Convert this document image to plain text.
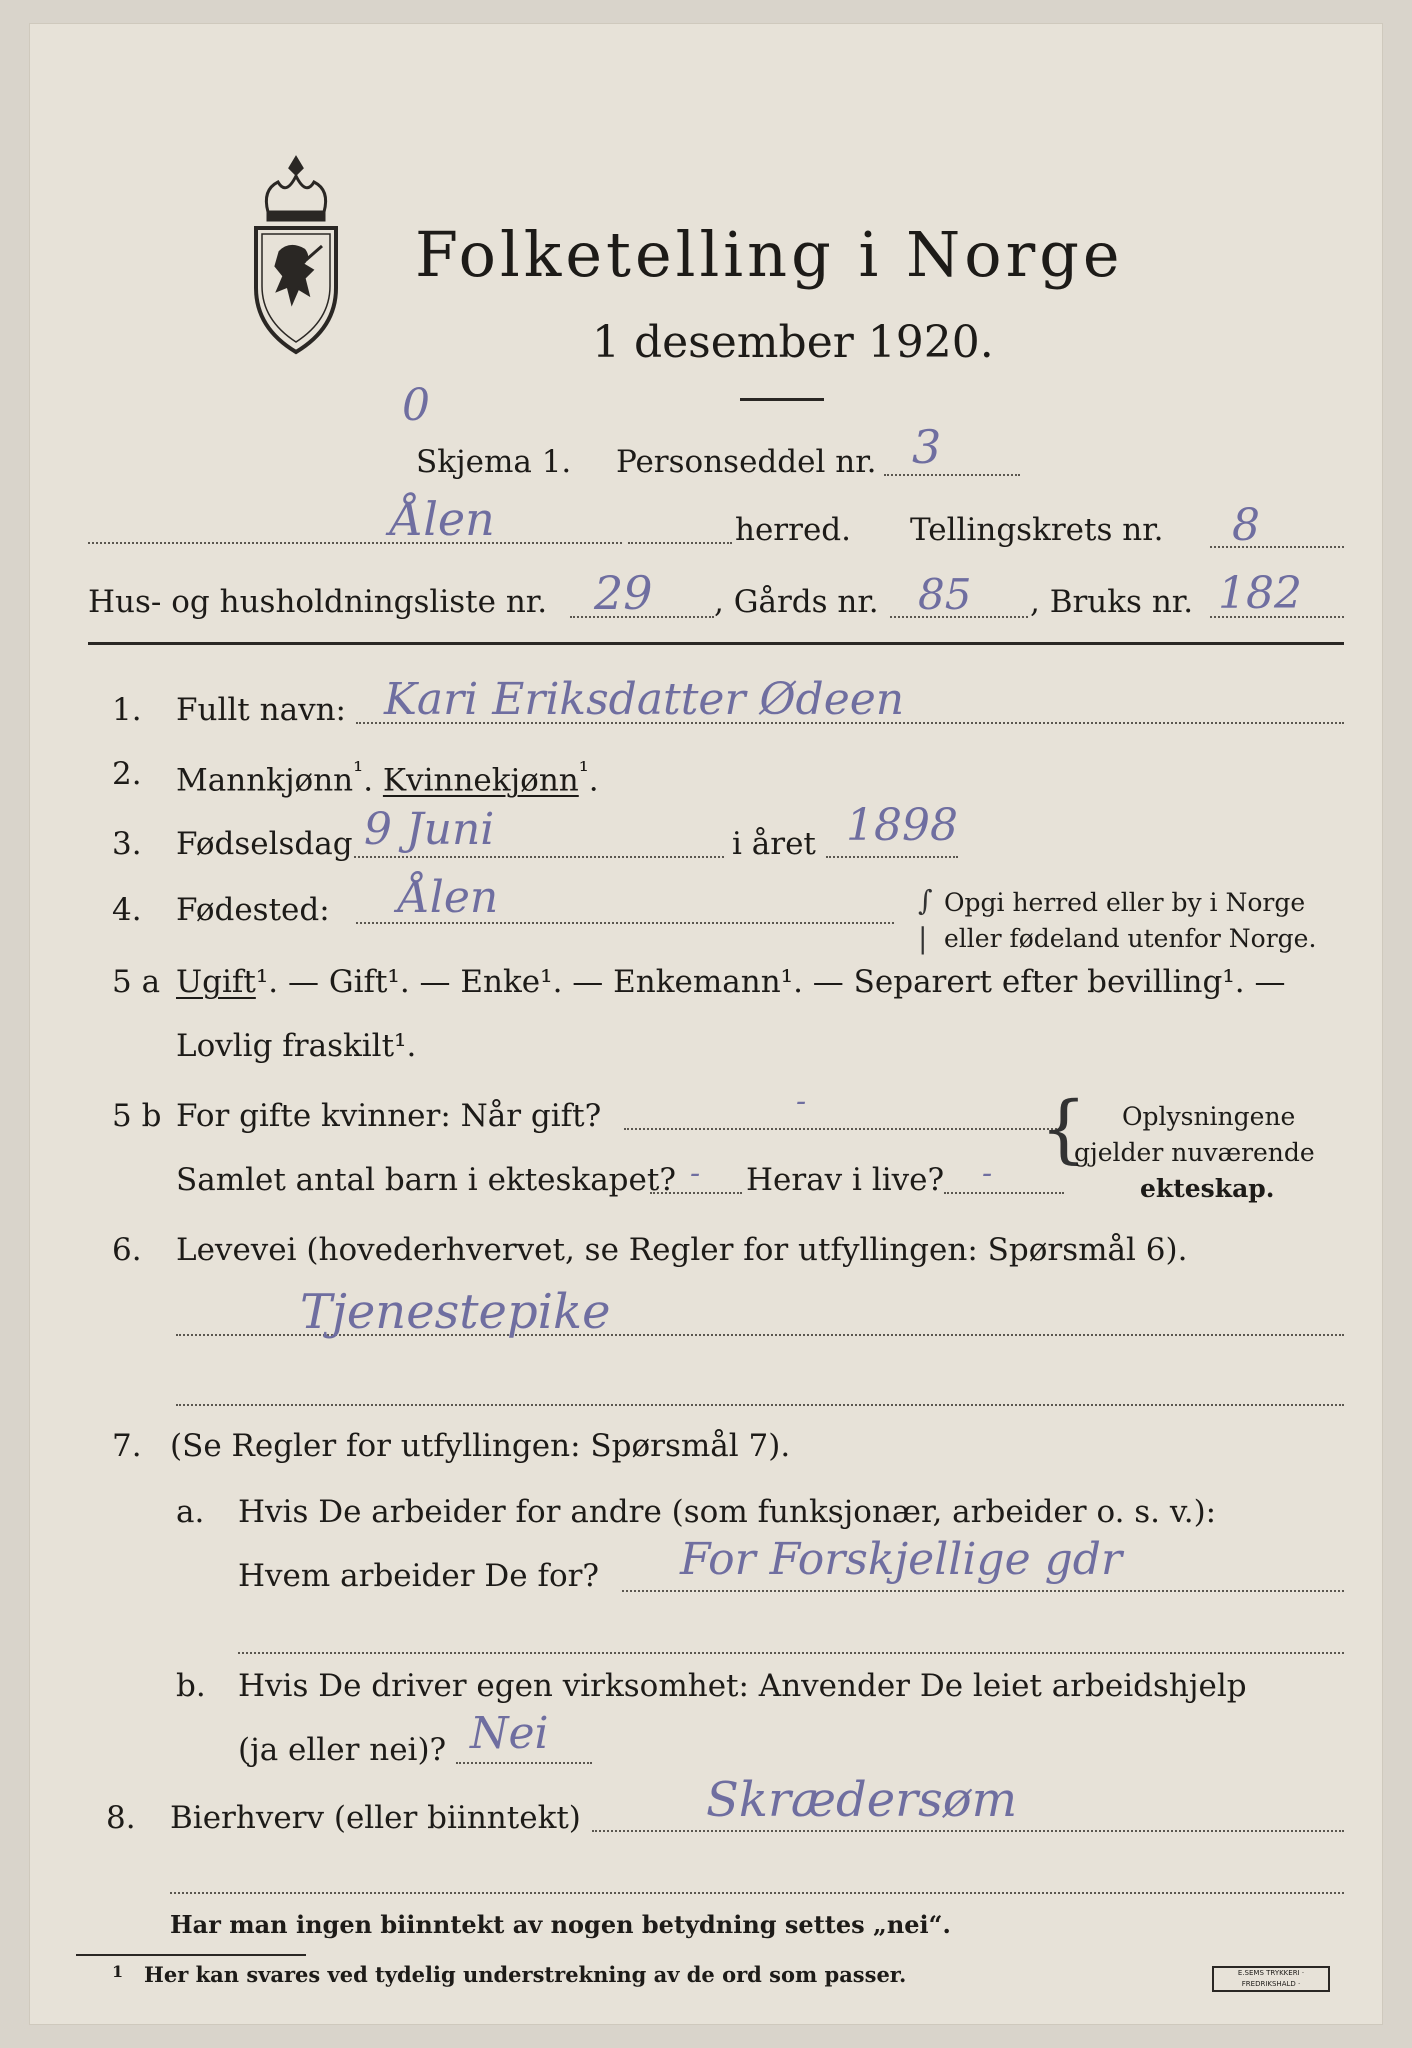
Folketelling i Norge
1 desember 1920.
0
Skjema 1. Personseddel nr. 3
Ålen	herred. Tellingskrets nr. 8
Hus- og husholdningsliste nr. 29 , Gårds nr. 85 , Bruks nr. 182
1. Fullt navn: Kari Eriksdatter Ødeen
2. Mannkjønn$^{^1}$. Kvinnekjønn$^{^1}$.
3. Fødselsdag 9 Juni	i året 1898
4. Fødested: Ålen	∫
|
Opgi herred eller by i Norge
eller fødeland utenfor Norge.
5 a Ugift¹. — Gift¹. — Enke¹. — Enkemann¹. — Separert efter bevilling¹. —
Lovlig fraskilt¹.
5 b For gifte kvinner: Når gift?	-
Samlet antal barn i ekteskapet? - Herav i live? -
{ Oplysningene
gjelder nuværende
ekteskap.
6. Levevei (hovederhvervet, se Regler for utfyllingen: Spørsmål 6).
Tjenestepike
7. (Se Regler for utfyllingen: Spørsmål 7).
a. Hvis De arbeider for andre (som funksjonær, arbeider o. s. v.):
Hvem arbeider De for? For Forskjellige gdr
b. Hvis De driver egen virksomhet: Anvender De leiet arbeidshjelp
(ja eller nei)? Nei
8. Bierhverv (eller biinntekt)	Skrædersøm
Har man ingen biinntekt av nogen betydning settes „nei“.
1 Her kan svares ved tydelig understrekning av de ord som passer.	E.SEMS TRYKKERI · FREDRIKSHALD ·
